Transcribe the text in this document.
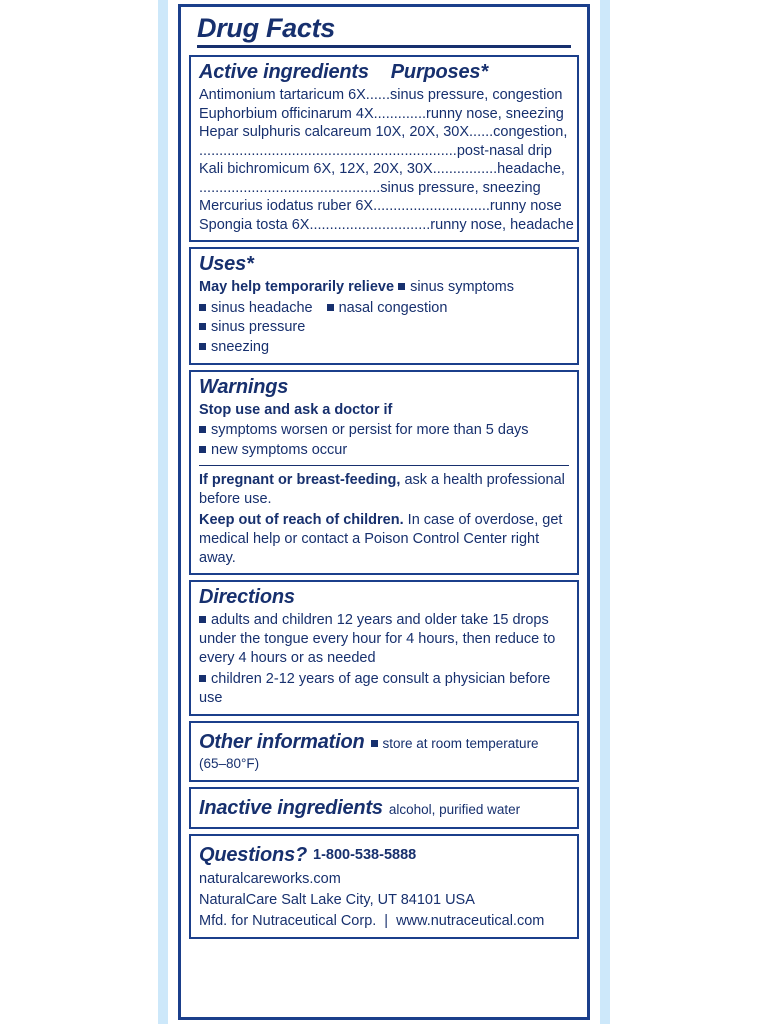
Drug Facts
Active ingredients Purposes*
Antimonium tartaricum 6X......sinus pressure, congestion
Euphorbium officinarum 4X.............runny nose, sneezing
Hepar sulphuris calcareum 10X, 20X, 30X......congestion,
................................................................post-nasal drip
Kali bichromicum 6X, 12X, 20X, 30X................headache,
.............................................sinus pressure, sneezing
Mercurius iodatus ruber 6X.............................runny nose
Spongia tosta 6X..............................runny nose, headache
Uses*
May help temporarily relieve sinus symptoms
sinus headache nasal congestion sinus pressure
sneezing
Warnings
Stop use and ask a doctor if
symptoms worsen or persist for more than 5 days
new symptoms occur
If pregnant or breast-feeding, ask a health professional before use.
Keep out of reach of children. In case of overdose, get medical help or contact a Poison Control Center right away.
Directions
adults and children 12 years and older take 15 drops under the tongue every hour for 4 hours, then reduce to every 4 hours or as needed
children 2-12 years of age consult a physician before use
Other information store at room temperature (65–80°F)
Inactive ingredients alcohol, purified water
Questions? 1-800-538-5888
naturalcareworks.com
NaturalCare Salt Lake City, UT 84101 USA
Mfd. for Nutraceutical Corp. | www.nutraceutical.com
